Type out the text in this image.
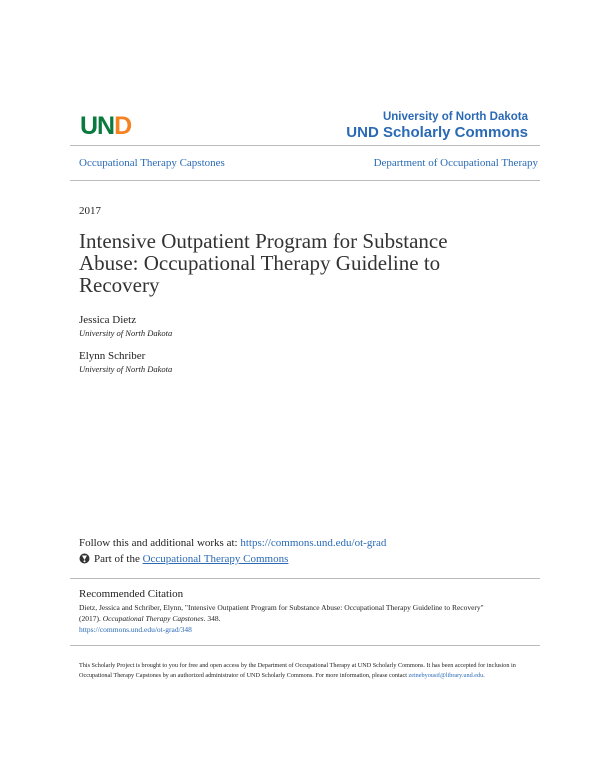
UND	University of North Dakota
UND Scholarly Commons
Occupational Therapy Capstones	Department of Occupational Therapy
2017
Intensive Outpatient Program for Substance Abuse: Occupational Therapy Guideline to Recovery
Jessica Dietz
University of North Dakota
Elynn Schriber
University of North Dakota
Follow this and additional works at: https://commons.und.edu/ot-grad
Part of the Occupational Therapy Commons
Recommended Citation
Dietz, Jessica and Schriber, Elynn, "Intensive Outpatient Program for Substance Abuse: Occupational Therapy Guideline to Recovery"
(2017). Occupational Therapy Capstones. 348.
https://commons.und.edu/ot-grad/348
This Scholarly Project is brought to you for free and open access by the Department of Occupational Therapy at UND Scholarly Commons. It has been accepted for inclusion in Occupational Therapy Capstones by an authorized administrator of UND Scholarly Commons. For more information, please contact zeinebyousif@library.und.edu.
